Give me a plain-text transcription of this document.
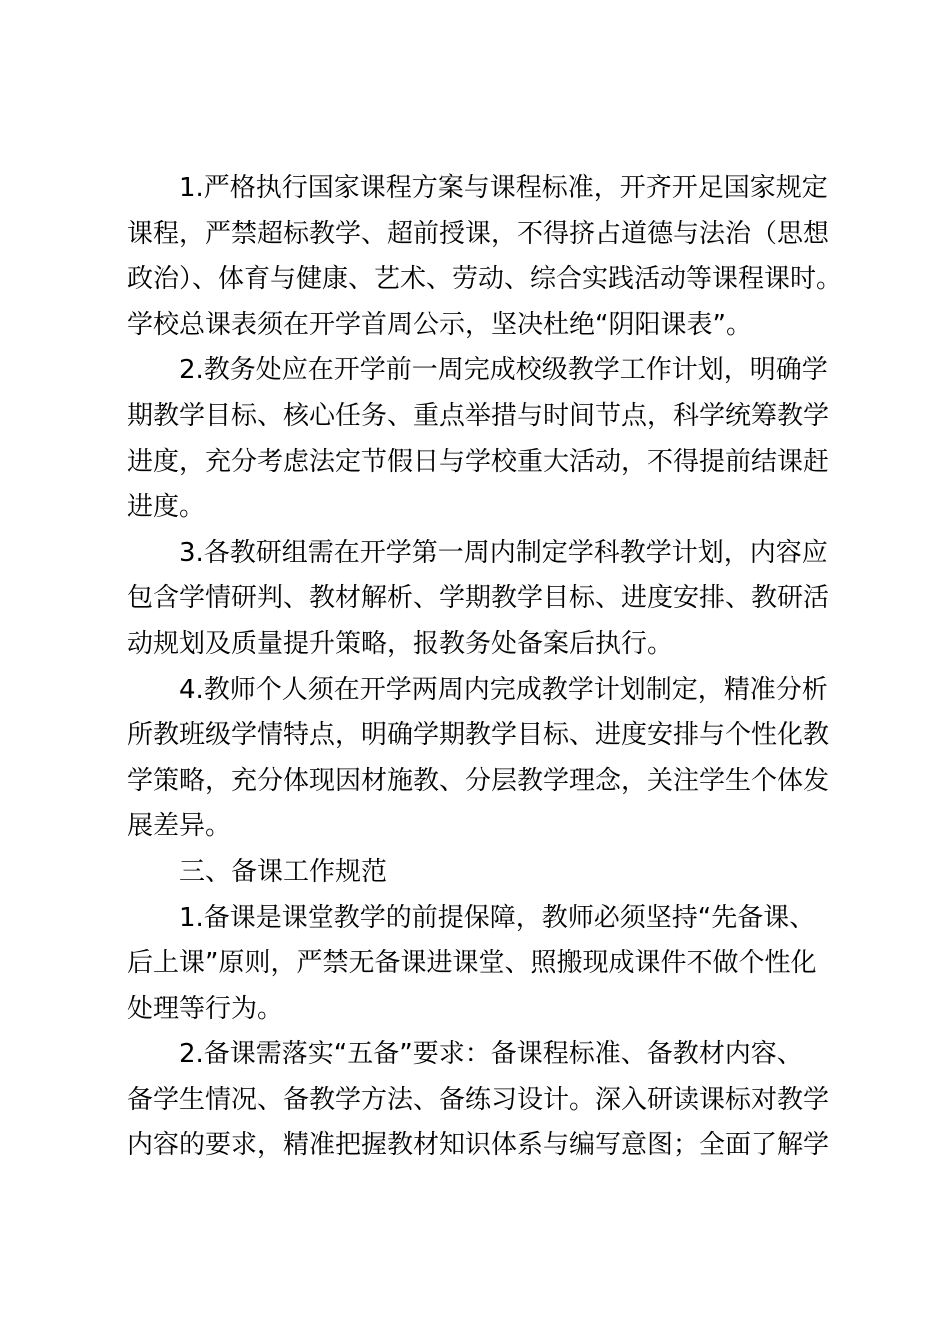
1.严格执行国家课程方案与课程标准，开齐开足国家规定
课程，严禁超标教学、超前授课，不得挤占道德与法治（思想
政治）、体育与健康、艺术、劳动、综合实践活动等课程课时。
学校总课表须在开学首周公示，坚决杜绝“阴阳课表”。
2.教务处应在开学前一周完成校级教学工作计划，明确学
期教学目标、核心任务、重点举措与时间节点，科学统筹教学
进度，充分考虑法定节假日与学校重大活动，不得提前结课赶
进度。
3.各教研组需在开学第一周内制定学科教学计划，内容应
包含学情研判、教材解析、学期教学目标、进度安排、教研活
动规划及质量提升策略，报教务处备案后执行。
4.教师个人须在开学两周内完成教学计划制定，精准分析
所教班级学情特点，明确学期教学目标、进度安排与个性化教
学策略，充分体现因材施教、分层教学理念，关注学生个体发
展差异。
三、备课工作规范
1.备课是课堂教学的前提保障，教师必须坚持“先备课、
后上课”原则，严禁无备课进课堂、照搬现成课件不做个性化
处理等行为。
2.备课需落实“五备”要求：备课程标准、备教材内容、
备学生情况、备教学方法、备练习设计。深入研读课标对教学
内容的要求，精准把握教材知识体系与编写意图；全面了解学
